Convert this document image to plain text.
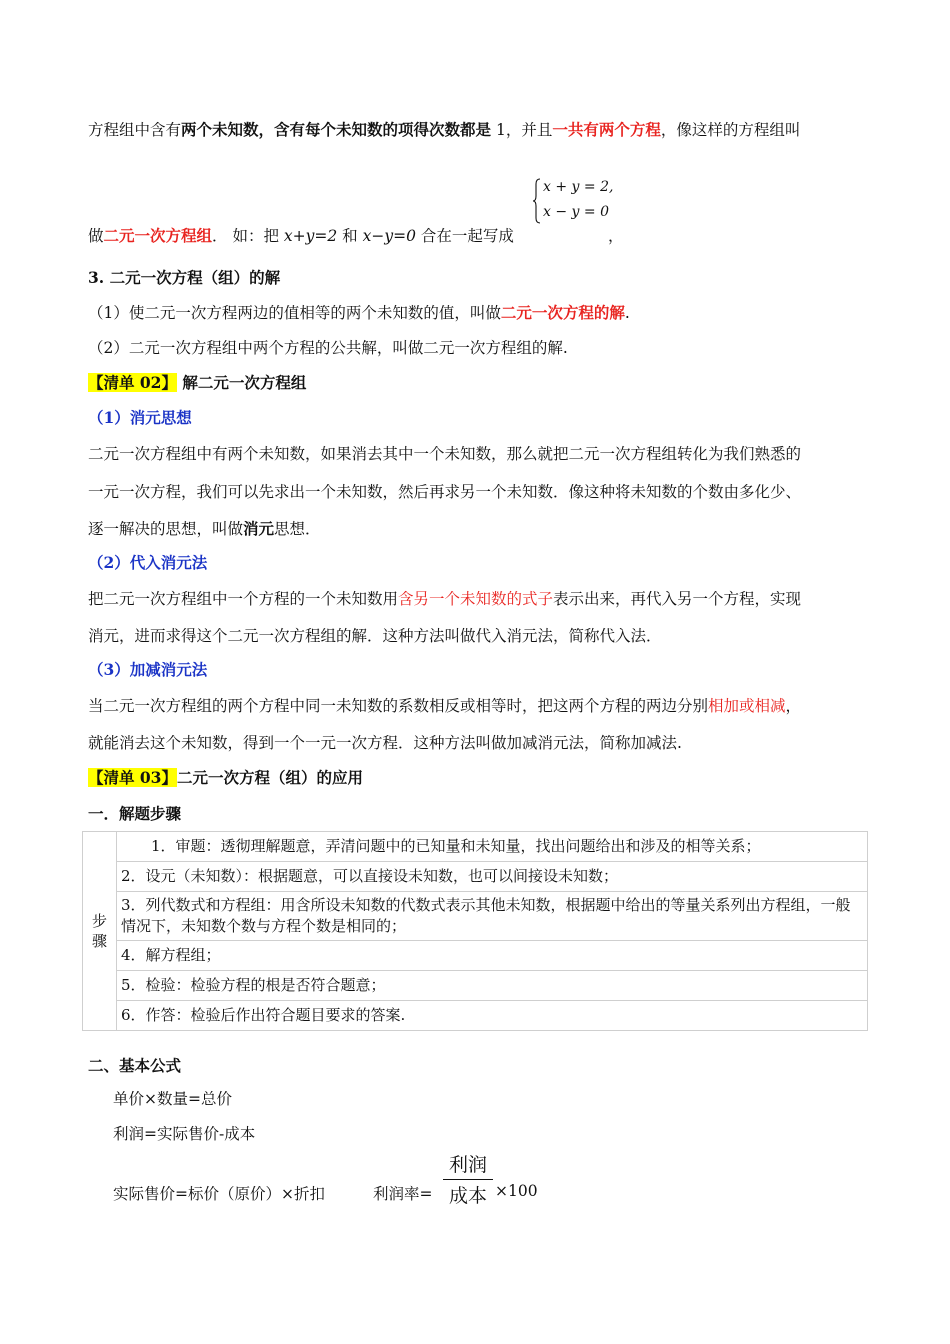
方程组中含有两个未知数，含有每个未知数的项得次数都是 1，并且一共有两个方程，像这样的方程组叫
做二元一次方程组． 如：把 x+y=2 和 x−y=0 合在一起写成	，
x + y = 2,
x − y = 0
3. 二元一次方程（组）的解
（1）使二元一次方程两边的值相等的两个未知数的值，叫做二元一次方程的解.
（2）二元一次方程组中两个方程的公共解，叫做二元一次方程组的解.
【清单 02】 解二元一次方程组
（1）消元思想
二元一次方程组中有两个未知数，如果消去其中一个未知数，那么就把二元一次方程组转化为我们熟悉的
一元一次方程，我们可以先求出一个未知数，然后再求另一个未知数．像这种将未知数的个数由多化少、
逐一解决的思想，叫做消元思想．
（2）代入消元法
把二元一次方程组中一个方程的一个未知数用含另一个未知数的式子表示出来，再代入另一个方程，实现
消元，进而求得这个二元一次方程组的解．这种方法叫做代入消元法，简称代入法．
（3）加减消元法
当二元一次方程组的两个方程中同一未知数的系数相反或相等时，把这两个方程的两边分别相加或相减，
就能消去这个未知数，得到一个一元一次方程．这种方法叫做加减消元法，简称加减法.
【清单 03】二元一次方程（组）的应用
一．解题步骤
步骤	1．审题：透彻理解题意，弄清问题中的已知量和未知量，找出问题给出和涉及的相等关系；
2．设元（未知数）：根据题意，可以直接设未知数，也可以间接设未知数；
3．列代数式和方程组：用含所设未知数的代数式表示其他未知数，根据题中给出的等量关系列出方程组，一般情况下，未知数个数与方程个数是相同的；
4．解方程组；
5．检验：检验方程的根是否符合题意；
6．作答：检验后作出符合题目要求的答案.
二、基本公式
单价×数量=总价
利润=实际售价-成本
实际售价=标价（原价）×折扣	利润率=
利润
成本 ×100
